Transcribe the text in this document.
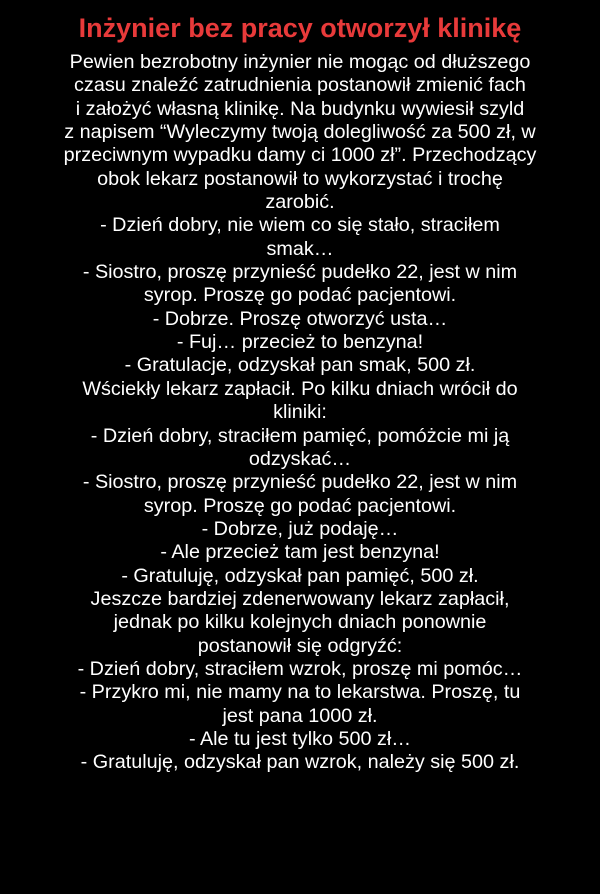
Inżynier bez pracy otworzył klinikę
Pewien bezrobotny inżynier nie mogąc od dłuższego
czasu znaleźć zatrudnienia postanowił zmienić fach
i założyć własną klinikę. Na budynku wywiesił szyld
z napisem “Wyleczymy twoją dolegliwość za 500 zł, w
przeciwnym wypadku damy ci 1000 zł”. Przechodzący
obok lekarz postanowił to wykorzystać i trochę
zarobić.
- Dzień dobry, nie wiem co się stało, straciłem
smak…
- Siostro, proszę przynieść pudełko 22, jest w nim
syrop. Proszę go podać pacjentowi.
- Dobrze. Proszę otworzyć usta…
- Fuj… przecież to benzyna!
- Gratulacje, odzyskał pan smak, 500 zł.
Wściekły lekarz zapłacił. Po kilku dniach wrócił do
kliniki:
- Dzień dobry, straciłem pamięć, pomóżcie mi ją
odzyskać…
- Siostro, proszę przynieść pudełko 22, jest w nim
syrop. Proszę go podać pacjentowi.
- Dobrze, już podaję…
- Ale przecież tam jest benzyna!
- Gratuluję, odzyskał pan pamięć, 500 zł.
Jeszcze bardziej zdenerwowany lekarz zapłacił,
jednak po kilku kolejnych dniach ponownie
postanowił się odgryźć:
- Dzień dobry, straciłem wzrok, proszę mi pomóc…
- Przykro mi, nie mamy na to lekarstwa. Proszę, tu
jest pana 1000 zł.
- Ale tu jest tylko 500 zł…
- Gratuluję, odzyskał pan wzrok, należy się 500 zł.
